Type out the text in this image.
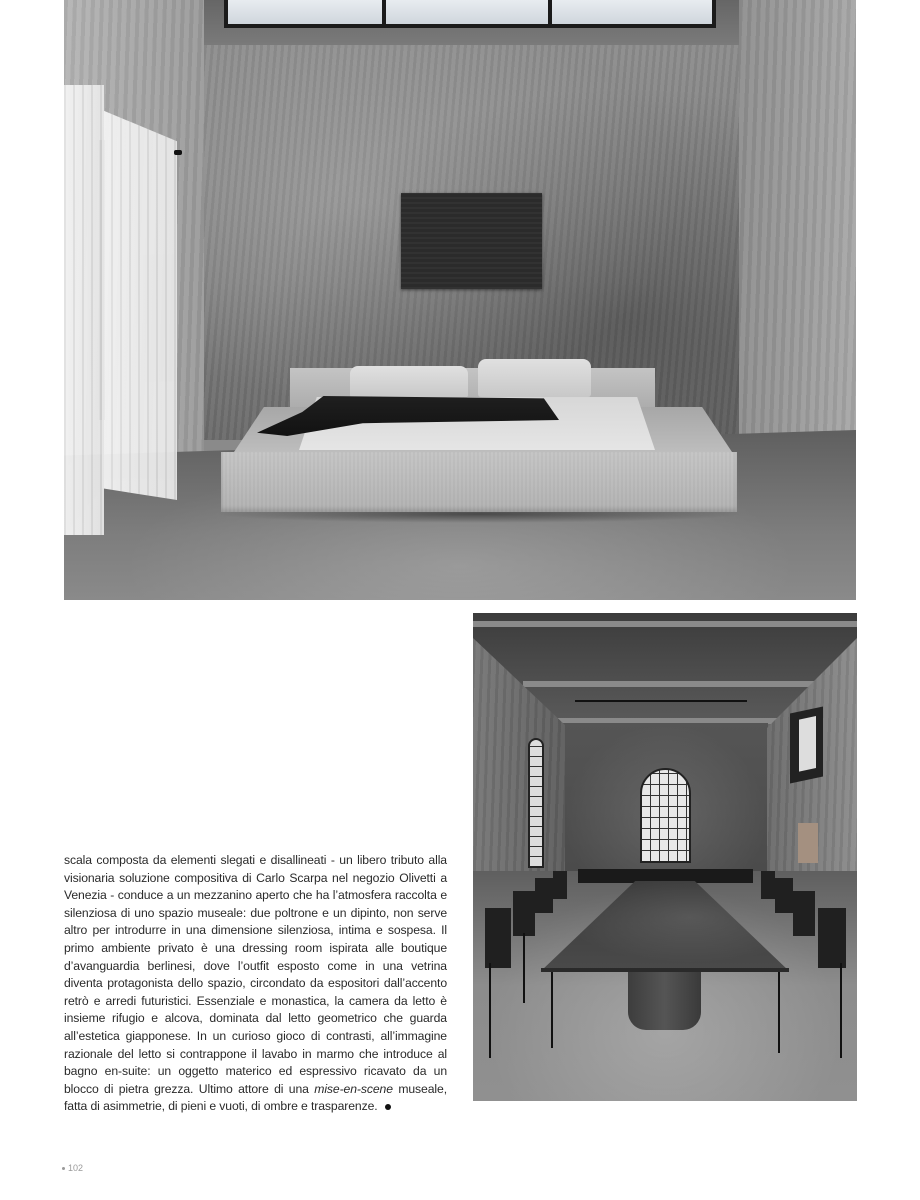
scala composta da elementi slegati e disallineati - un libero tributo alla visionaria soluzione compositiva di Carlo Scarpa nel negozio Olivetti a Venezia - conduce a un mezzanino aperto che ha l’atmosfera raccolta e silenziosa di uno spazio museale: due poltrone e un dipinto, non serve altro per introdurre in una dimensione silenziosa, intima e sospesa. Il primo ambiente privato è una dressing room ispirata alle boutique d’avanguardia berlinesi, dove l’outfit esposto come in una vetrina diventa protagonista dello spazio, circondato da espositori dall’accento retrò e arredi futuristici. Essenziale e monastica, la camera da letto è insieme rifugio e alcova, dominata dal letto geometrico che guarda all’estetica giapponese. In un curioso gioco di contrasti, all’immagine razionale del letto si contrappone il lavabo in marmo che introduce al bagno en-suite: un oggetto materico ed espressivo ricavato da un blocco di pietra grezza. Ultimo attore di una mise-en-scene museale, fatta di asimmetrie, di pieni e vuoti, di ombre e trasparenze.

102
